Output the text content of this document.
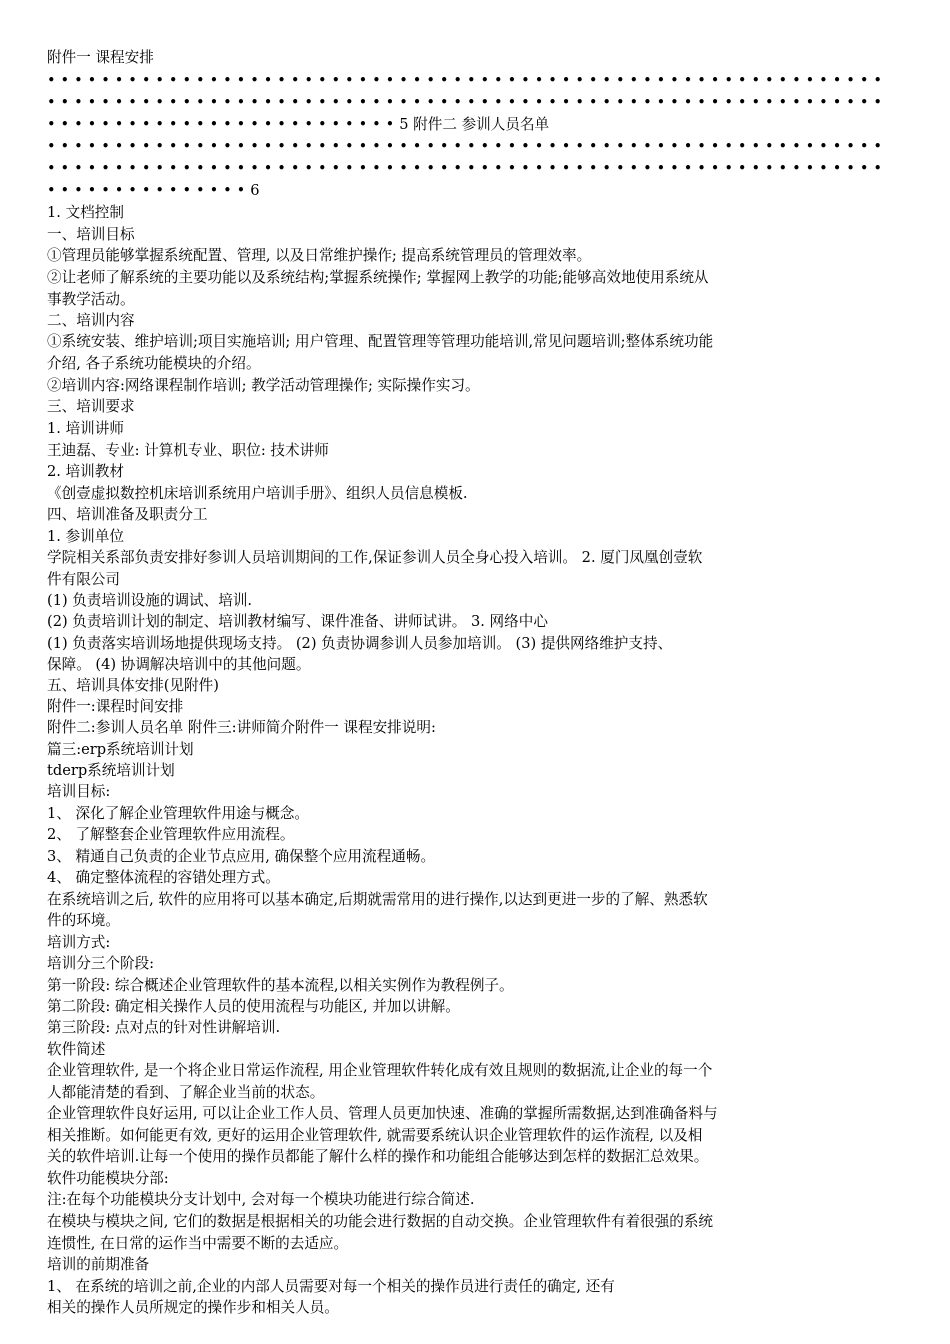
附件一 课程安排
• • • • • • • • • • • • • • • • • • • • • • • • • • • • • • • • • • • • • • • • • • • • • • • • • • • • • • • • • • • • • •
• • • • • • • • • • • • • • • • • • • • • • • • • • • • • • • • • • • • • • • • • • • • • • • • • • • • • • • • • • • • • •
• • • • • • • • • • • • • • • • • • • • • • • • • • 5 附件二 参训人员名单
• • • • • • • • • • • • • • • • • • • • • • • • • • • • • • • • • • • • • • • • • • • • • • • • • • • • • • • • • • • • • •
• • • • • • • • • • • • • • • • • • • • • • • • • • • • • • • • • • • • • • • • • • • • • • • • • • • • • • • • • • • • • •
• • • • • • • • • • • • • • • 6
1. 文档控制
一、培训目标
①管理员能够掌握系统配置、管理, 以及日常维护操作; 提高系统管理员的管理效率。
②让老师了解系统的主要功能以及系统结构;掌握系统操作; 掌握网上教学的功能;能够高效地使用系统从
事教学活动。
二、培训内容
①系统安装、维护培训;项目实施培训; 用户管理、配置管理等管理功能培训,常见问题培训;整体系统功能
介绍, 各子系统功能模块的介绍。
②培训内容:网络课程制作培训; 教学活动管理操作; 实际操作实习。
三、培训要求
1. 培训讲师
王迪磊、专业: 计算机专业、职位: 技术讲师
2. 培训教材
《创壹虚拟数控机床培训系统用户培训手册》、组织人员信息模板.
四、培训准备及职责分工
1. 参训单位
学院相关系部负责安排好参训人员培训期间的工作,保证参训人员全身心投入培训。 2. 厦门凤凰创壹软
件有限公司
(1) 负责培训设施的调试、培训.
(2) 负责培训计划的制定、培训教材编写、课件准备、讲师试讲。 3. 网络中心
(1) 负责落实培训场地提供现场支持。 (2) 负责协调参训人员参加培训。 (3) 提供网络维护支持、
保障。 (4) 协调解决培训中的其他问题。
五、培训具体安排(见附件)
附件一:课程时间安排
附件二:参训人员名单 附件三:讲师简介附件一 课程安排说明:
篇三:erp系统培训计划
tderp系统培训计划
培训目标:
1、 深化了解企业管理软件用途与概念。
2、 了解整套企业管理软件应用流程。
3、 精通自己负责的企业节点应用, 确保整个应用流程通畅。
4、 确定整体流程的容错处理方式。
在系统培训之后, 软件的应用将可以基本确定,后期就需常用的进行操作,以达到更进一步的了解、熟悉软
件的环境。
培训方式:
培训分三个阶段:
第一阶段: 综合概述企业管理软件的基本流程,以相关实例作为教程例子。
第二阶段: 确定相关操作人员的使用流程与功能区, 并加以讲解。
第三阶段: 点对点的针对性讲解培训.
软件简述
企业管理软件, 是一个将企业日常运作流程, 用企业管理软件转化成有效且规则的数据流,让企业的每一个
人都能清楚的看到、了解企业当前的状态。
企业管理软件良好运用, 可以让企业工作人员、管理人员更加快速、准确的掌握所需数据,达到准确备料与
相关推断。如何能更有效, 更好的运用企业管理软件, 就需要系统认识企业管理软件的运作流程, 以及相
关的软件培训.让每一个使用的操作员都能了解什么样的操作和功能组合能够达到怎样的数据汇总效果。
软件功能模块分部:
注:在每个功能模块分支计划中, 会对每一个模块功能进行综合简述.
在模块与模块之间, 它们的数据是根据相关的功能会进行数据的自动交换。企业管理软件有着很强的系统
连惯性, 在日常的运作当中需要不断的去适应。
培训的前期准备
1、 在系统的培训之前,企业的内部人员需要对每一个相关的操作员进行责任的确定, 还有
相关的操作人员所规定的操作步和相关人员。
